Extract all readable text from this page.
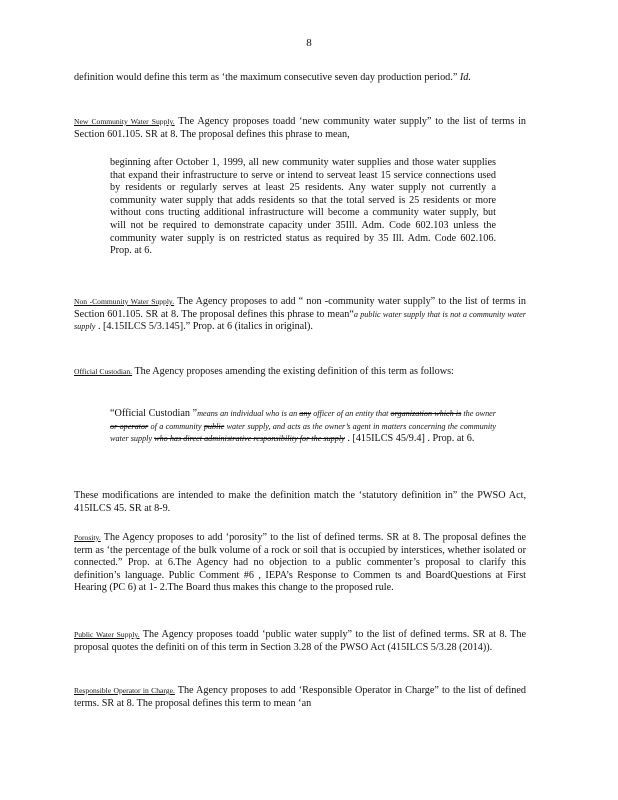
8
definition would define this term as ‘the maximum consecutive seven day production period.” Id.
New Community Water Supply. The Agency proposes toadd ‘new community water supply” to the list of terms in Section 601.105. SR at 8. The proposal defines this phrase to mean,
beginning after October 1, 1999, all new community water supplies and those water supplies that expand their infrastructure to serve or intend to serveat least 15 service connections used by residents or regularly serves at least 25 residents. Any water supply not currently a community water supply that adds residents so that the total served is 25 residents or more without cons tructing additional infrastructure will become a community water supply, but will not be required to demonstrate capacity under 35Ill. Adm. Code 602.103 unless the community water supply is on restricted status as required by 35 Ill. Adm. Code 602.106. Prop. at 6.
Non -Community Water Supply. The Agency proposes to add “ non -community water supply” to the list of terms in Section 601.105. SR at 8. The proposal defines this phrase to mean“a public water supply that is not a community water supply . [4.15ILCS 5/3.145].” Prop. at 6 (italics in original).
Official Custodian. The Agency proposes amending the existing definition of this term as follows:
“Official Custodian ”means an individual who is an any officer of an entity that organization which is the owner or operator of a community public water supply, and acts as the owner’s agent in matters concerning the community water supply who has direct administrative responsibility for the supply . [415ILCS 45/9.4] . Prop. at 6.
These modifications are intended to make the definition match the ‘statutory definition in” the PWSO Act, 415ILCS 45. SR at 8-9.
Porosity. The Agency proposes to add ‘porosity” to the list of defined terms. SR at 8. The proposal defines the term as ‘the percentage of the bulk volume of a rock or soil that is occupied by interstices, whether isolated or connected.” Prop. at 6.The Agency had no objection to a public commenter’s proposal to clarify this definition’s language. Public Comment #6 , IEPA’s Response to Commen ts and BoardQuestions at First Hearing (PC 6) at 1- 2.The Board thus makes this change to the proposed rule.
Public Water Supply. The Agency proposes toadd ‘public water supply” to the list of defined terms. SR at 8. The proposal quotes the definiti on of this term in Section 3.28 of the PWSO Act (415ILCS 5/3.28 (2014)).
Responsible Operator in Charge. The Agency proposes to add ‘Responsible Operator in Charge” to the list of defined terms. SR at 8. The proposal defines this term to mean ‘an
